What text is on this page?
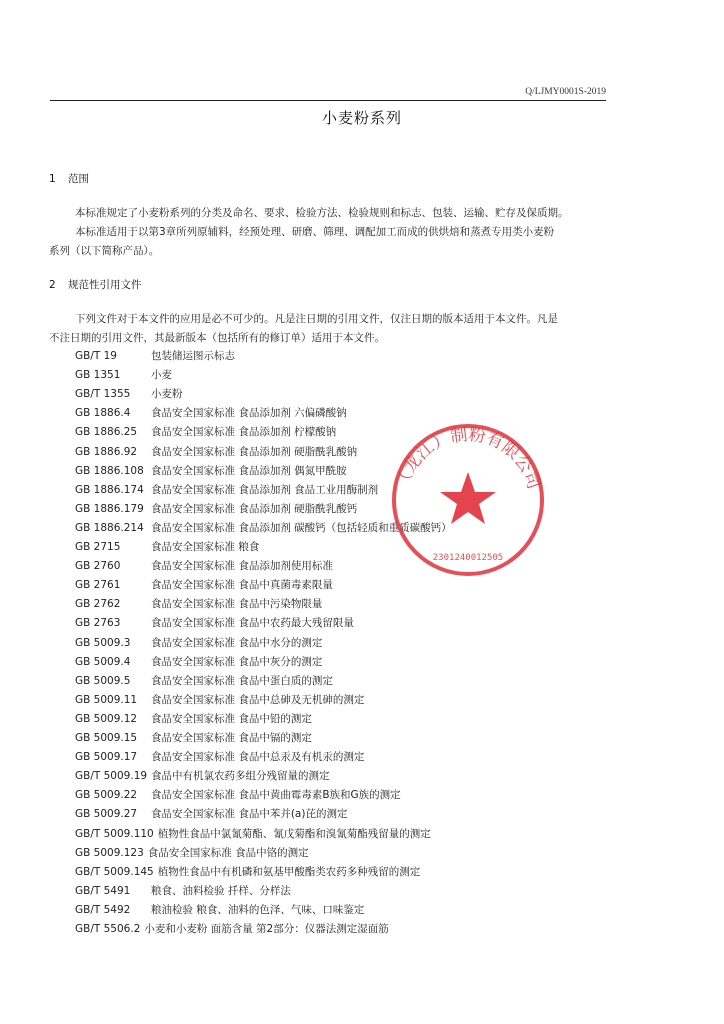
Q/LJMY0001S-2019
小麦粉系列
1 范围
本标准规定了小麦粉系列的分类及命名、要求、检验方法、检验规则和标志、包装、运输、贮存及保质期。
本标准适用于以第3章所列原辅料，经预处理、研磨、筛理、调配加工而成的供烘焙和蒸煮专用类小麦粉
系列（以下简称产品）。
2 规范性引用文件
下列文件对于本文件的应用是必不可少的。凡是注日期的引用文件，仅注日期的版本适用于本文件。凡是
不注日期的引用文件，其最新版本（包括所有的修订单）适用于本文件。
GB/T 19	包装储运图示标志
GB 1351	小麦
GB/T 1355 小麦粉
GB 1886.4 食品安全国家标准 食品添加剂 六偏磷酸钠
GB 1886.25 食品安全国家标准 食品添加剂 柠檬酸钠
GB 1886.92 食品安全国家标准 食品添加剂 硬脂酰乳酸钠
GB 1886.108 食品安全国家标准 食品添加剂 偶氮甲酰胺
GB 1886.174 食品安全国家标准 食品添加剂 食品工业用酶制剂
GB 1886.179 食品安全国家标准 食品添加剂 硬脂酰乳酸钙
GB 1886.214 食品安全国家标准 食品添加剂 碳酸钙（包括轻质和重质碳酸钙）
GB 2715	食品安全国家标准 粮食
GB 2760	食品安全国家标准 食品添加剂使用标准
GB 2761	食品安全国家标准 食品中真菌毒素限量
GB 2762	食品安全国家标准 食品中污染物限量
GB 2763	食品安全国家标准 食品中农药最大残留限量
GB 5009.3 食品安全国家标准 食品中水分的测定
GB 5009.4 食品安全国家标准 食品中灰分的测定
GB 5009.5 食品安全国家标准 食品中蛋白质的测定
GB 5009.11 食品安全国家标准 食品中总砷及无机砷的测定
GB 5009.12 食品安全国家标准 食品中铅的测定
GB 5009.15 食品安全国家标准 食品中镉的测定
GB 5009.17 食品安全国家标准 食品中总汞及有机汞的测定
GB/T 5009.19 食品中有机氯农药多组分残留量的测定
GB 5009.22 食品安全国家标准 食品中黄曲霉毒素B族和G族的测定
GB 5009.27 食品安全国家标准 食品中苯并(a)芘的测定
GB/T 5009.110 植物性食品中氯氰菊酯、氰戊菊酯和溴氰菊酯残留量的测定
GB 5009.123 食品安全国家标准 食品中铬的测定
GB/T 5009.145 植物性食品中有机磷和氨基甲酸酯类农药多种残留的测定
GB/T 5491 粮食、油料检验 扦样、分样法
GB/T 5492 粮油检验 粮食、油料的色泽、气味、口味鉴定
GB/T 5506.2 小麦和小麦粉 面筋含量 第2部分：仪器法测定湿面筋
（龙江）制粉有限公司
2301240012505
